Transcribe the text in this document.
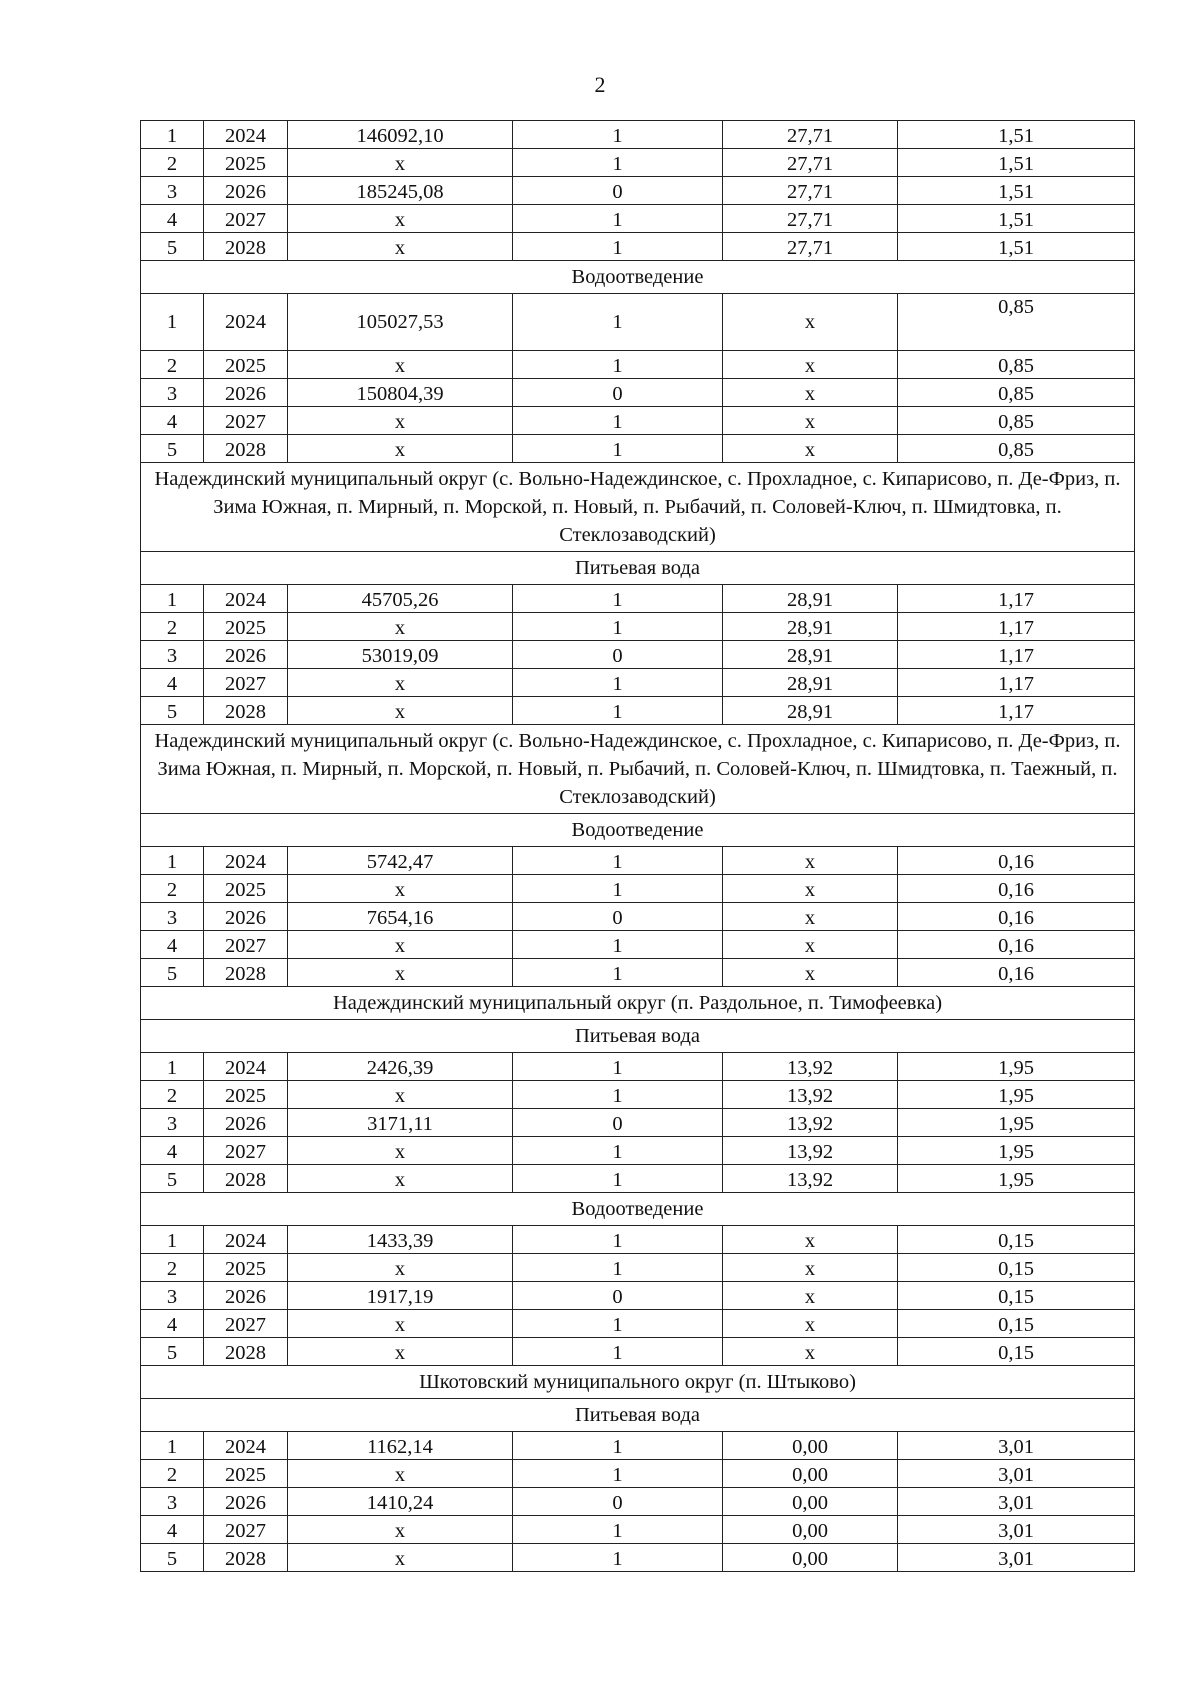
2
1	2024	146092,10	1	27,71	1,51
2	2025	x	1	27,71	1,51
3	2026	185245,08	0	27,71	1,51
4	2027	x	1	27,71	1,51
5	2028	x	1	27,71	1,51
Водоотведение					
1	2024	105027,53	1	x	0,85
2	2025	x	1	x	0,85
3	2026	150804,39	0	x	0,85
4	2027	x	1	x	0,85
5	2028	x	1	x	0,85
Надеждинский муниципальный округ (с. Вольно-Надеждинское, с. Прохладное, с. Кипарисово, п. Де-Фриз, п. Зима Южная, п. Мирный, п. Морской, п. Новый, п. Рыбачий, п. Соловей-Ключ, п. Шмидтовка, п. Стеклозаводский)					
Питьевая вода					
1	2024	45705,26	1	28,91	1,17
2	2025	x	1	28,91	1,17
3	2026	53019,09	0	28,91	1,17
4	2027	x	1	28,91	1,17
5	2028	x	1	28,91	1,17
Надеждинский муниципальный округ (с. Вольно-Надеждинское, с. Прохладное, с. Кипарисово, п. Де-Фриз, п. Зима Южная, п. Мирный, п. Морской, п. Новый, п. Рыбачий, п. Соловей-Ключ, п. Шмидтовка, п. Таежный, п. Стеклозаводский)					
Водоотведение					
1	2024	5742,47	1	x	0,16
2	2025	x	1	x	0,16
3	2026	7654,16	0	x	0,16
4	2027	x	1	x	0,16
5	2028	x	1	x	0,16
Надеждинский муниципальный округ (п. Раздольное, п. Тимофеевка)					
Питьевая вода					
1	2024	2426,39	1	13,92	1,95
2	2025	x	1	13,92	1,95
3	2026	3171,11	0	13,92	1,95
4	2027	x	1	13,92	1,95
5	2028	x	1	13,92	1,95
Водоотведение					
1	2024	1433,39	1	x	0,15
2	2025	x	1	x	0,15
3	2026	1917,19	0	x	0,15
4	2027	x	1	x	0,15
5	2028	x	1	x	0,15
Шкотовский муниципального округ (п. Штыково)					
Питьевая вода					
1	2024	1162,14	1	0,00	3,01
2	2025	x	1	0,00	3,01
3	2026	1410,24	0	0,00	3,01
4	2027	x	1	0,00	3,01
5	2028	x	1	0,00	3,01
